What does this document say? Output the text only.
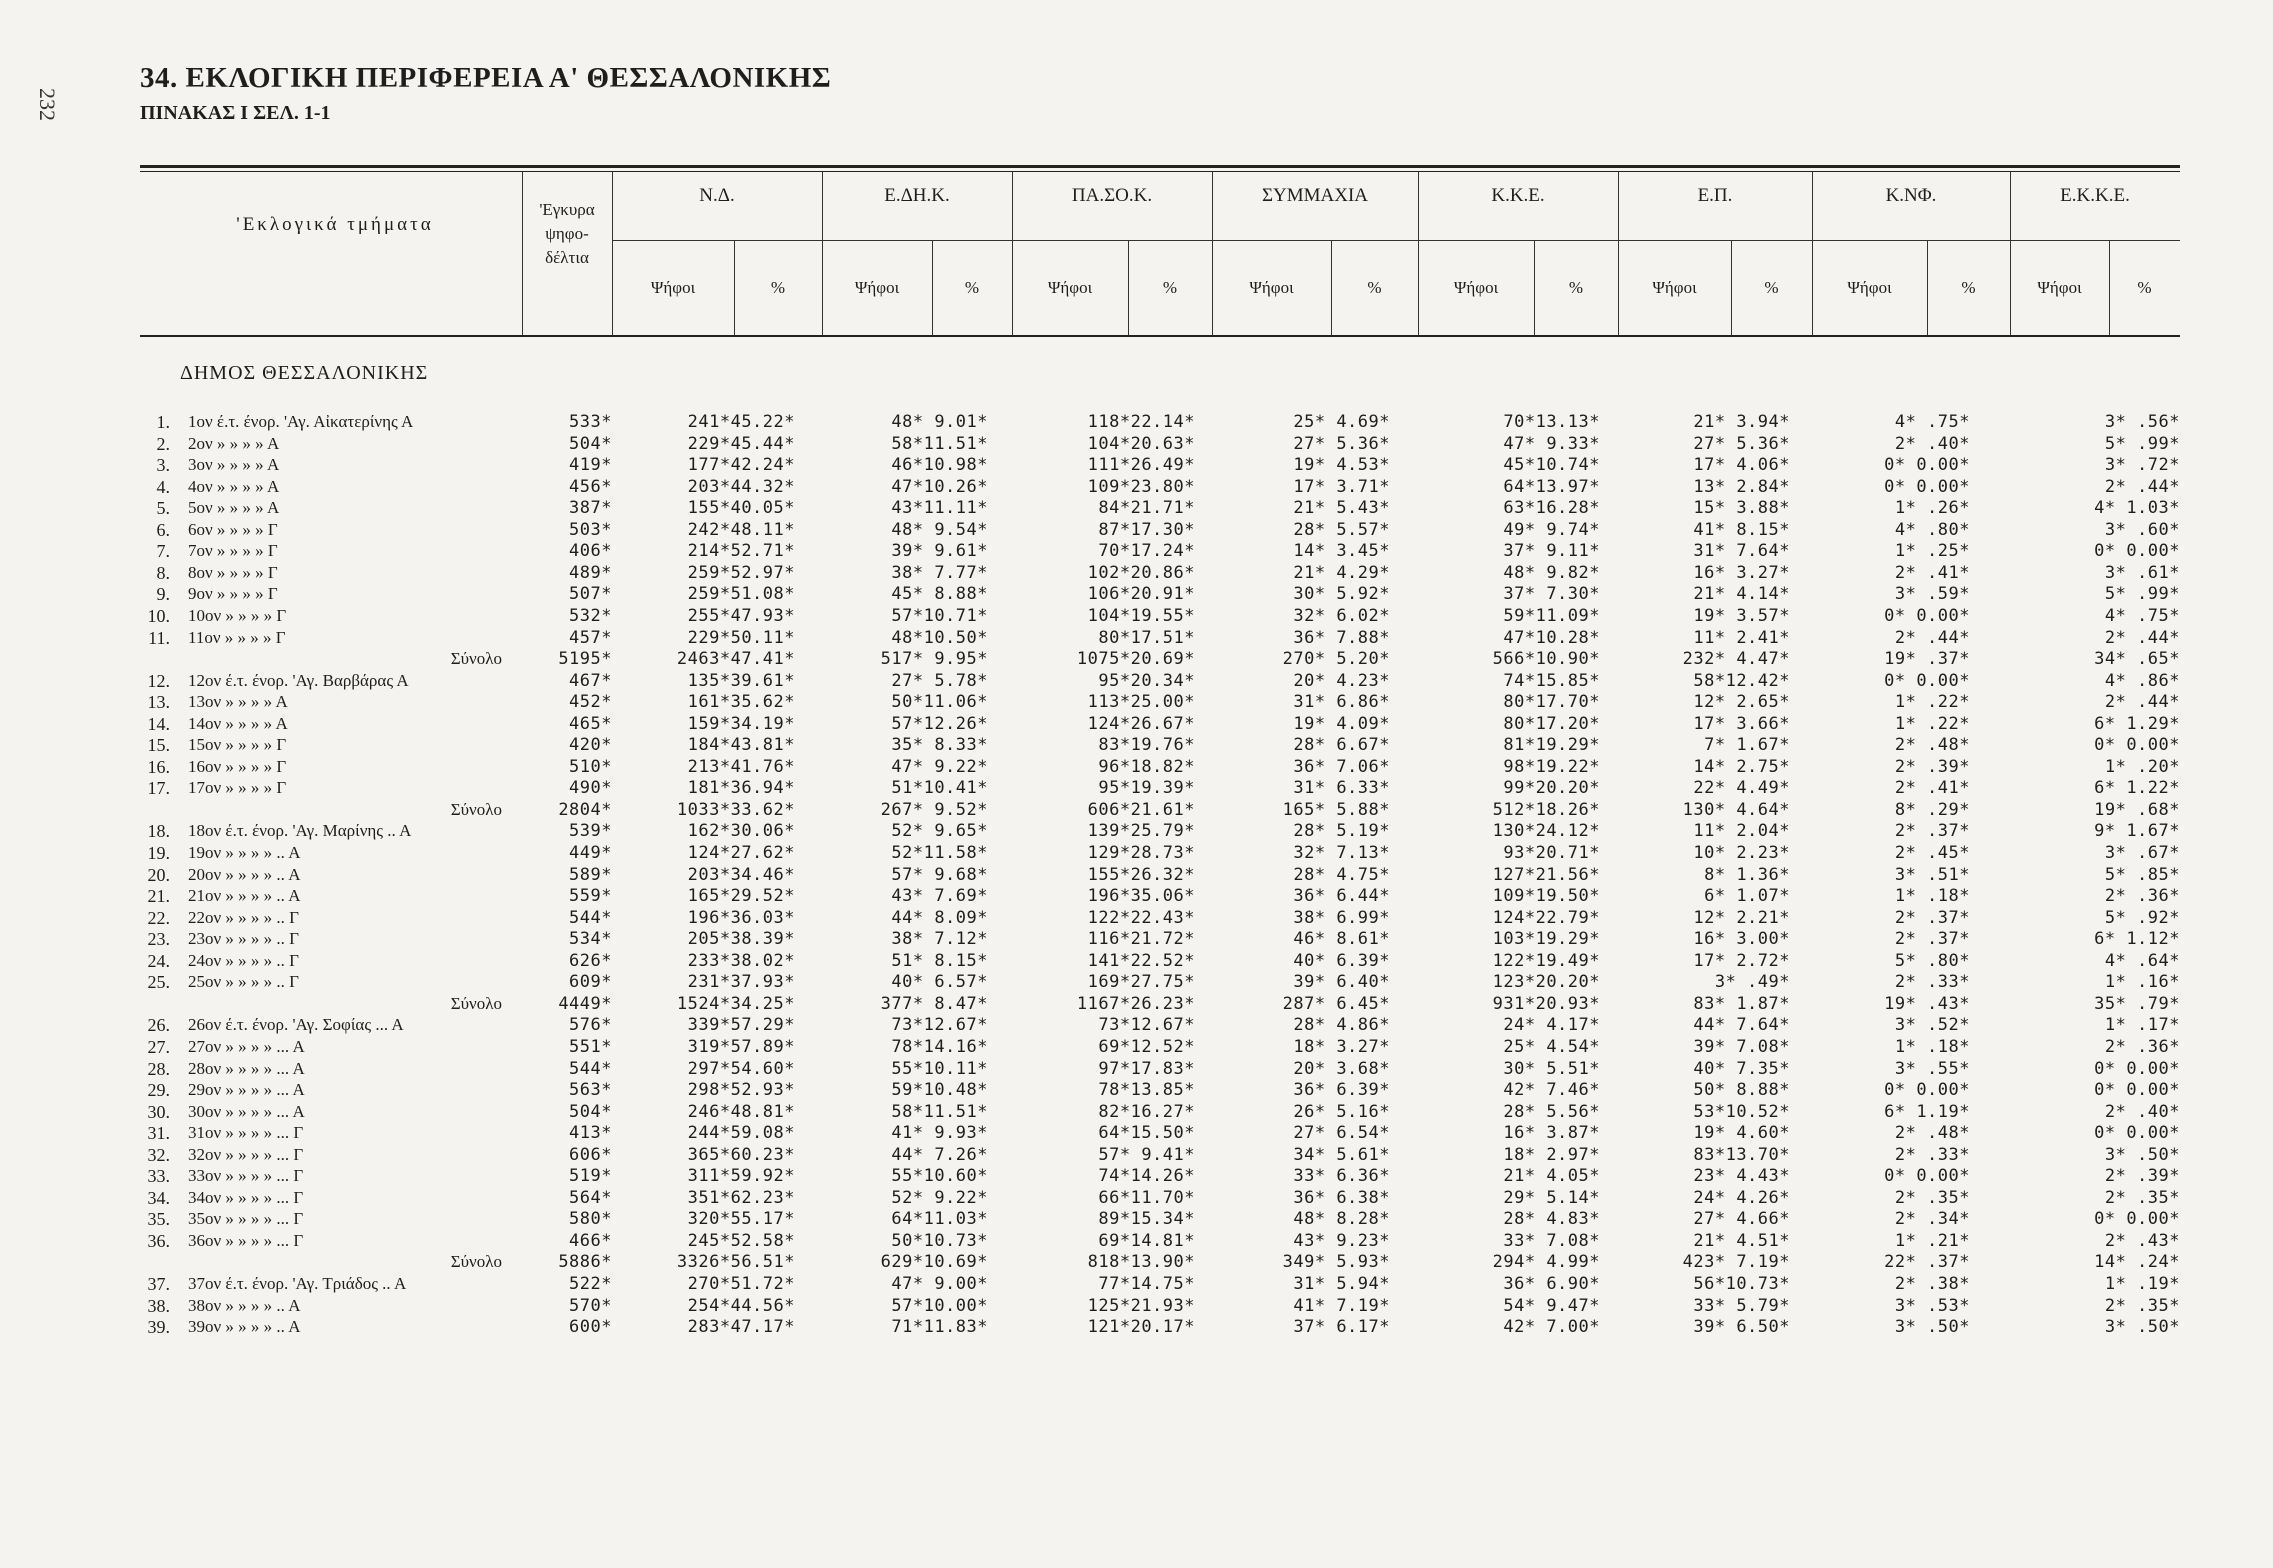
232
34. ΕΚΛΟΓΙΚΗ ΠΕΡΙΦΕΡΕΙΑ Α' ΘΕΣΣΑΛΟΝΙΚΗΣ
ΠΙΝΑΚΑΣ Ι ΣΕΛ. 1-1
'Εκλογικά τμήματα
'Εγκυρα
ψηφο-
δέλτια
Ν.Δ.
Ψήφοι	%
Ε.ΔΗ.Κ.
Ψήφοι	%
ΠΑ.ΣΟ.Κ.
Ψήφοι	%
ΣΥΜΜΑΧΙΑ
Ψήφοι	%
Κ.Κ.Ε.
Ψήφοι	%
Ε.Π.
Ψήφοι	%
Κ.ΝΦ.
Ψήφοι	%
Ε.Κ.Κ.Ε.
Ψήφοι	%
ΔΗΜΟΣ ΘΕΣΣΑΛΟΝΙΚΗΣ
1. 1ον έ.τ. ένορ. 'Αγ. Αἰκατερίνης Α	533*	241*45.22*	48* 9.01*	118*22.14*	25* 4.69*	70*13.13*	21* 3.94*	4* .75*	3* .56*
2. 2ον » » » » Α	504*	229*45.44*	58*11.51*	104*20.63*	27* 5.36*	47* 9.33*	27* 5.36*	2* .40*	5* .99*
3. 3ον » » » » Α	419*	177*42.24*	46*10.98*	111*26.49*	19* 4.53*	45*10.74*	17* 4.06*	0* 0.00*	3* .72*
4. 4ον » » » » Α	456*	203*44.32*	47*10.26*	109*23.80*	17* 3.71*	64*13.97*	13* 2.84*	0* 0.00*	2* .44*
5. 5ον » » » » Α	387*	155*40.05*	43*11.11*	84*21.71*	21* 5.43*	63*16.28*	15* 3.88*	1* .26*	4* 1.03*
6. 6ον » » » » Γ	503*	242*48.11*	48* 9.54*	87*17.30*	28* 5.57*	49* 9.74*	41* 8.15*	4* .80*	3* .60*
7. 7ον » » » » Γ	406*	214*52.71*	39* 9.61*	70*17.24*	14* 3.45*	37* 9.11*	31* 7.64*	1* .25*	0* 0.00*
8. 8ον » » » » Γ	489*	259*52.97*	38* 7.77*	102*20.86*	21* 4.29*	48* 9.82*	16* 3.27*	2* .41*	3* .61*
9. 9ον » » » » Γ	507*	259*51.08*	45* 8.88*	106*20.91*	30* 5.92*	37* 7.30*	21* 4.14*	3* .59*	5* .99*
10. 10ον » » » » Γ	532*	255*47.93*	57*10.71*	104*19.55*	32* 6.02*	59*11.09*	19* 3.57*	0* 0.00*	4* .75*
11. 11ον » » » » Γ	457*	229*50.11*	48*10.50*	80*17.51*	36* 7.88*	47*10.28*	11* 2.41*	2* .44*	2* .44*
Σύνολο	5195*	2463*47.41*	517* 9.95*	1075*20.69*	270* 5.20*	566*10.90*	232* 4.47*	19* .37*	34* .65*
12. 12ον έ.τ. ένορ. 'Αγ. Βαρβάρας Α	467*	135*39.61*	27* 5.78*	95*20.34*	20* 4.23*	74*15.85*	58*12.42*	0* 0.00*	4* .86*
13. 13ον » » » » Α	452*	161*35.62*	50*11.06*	113*25.00*	31* 6.86*	80*17.70*	12* 2.65*	1* .22*	2* .44*
14. 14ον » » » » Α	465*	159*34.19*	57*12.26*	124*26.67*	19* 4.09*	80*17.20*	17* 3.66*	1* .22*	6* 1.29*
15. 15ον » » » » Γ	420*	184*43.81*	35* 8.33*	83*19.76*	28* 6.67*	81*19.29*	7* 1.67*	2* .48*	0* 0.00*
16. 16ον » » » » Γ	510*	213*41.76*	47* 9.22*	96*18.82*	36* 7.06*	98*19.22*	14* 2.75*	2* .39*	1* .20*
17. 17ον » » » » Γ	490*	181*36.94*	51*10.41*	95*19.39*	31* 6.33*	99*20.20*	22* 4.49*	2* .41*	6* 1.22*
Σύνολο	2804*	1033*33.62*	267* 9.52*	606*21.61*	165* 5.88*	512*18.26*	130* 4.64*	8* .29*	19* .68*
18. 18ον έ.τ. ένορ. 'Αγ. Μαρίνης .. Α	539*	162*30.06*	52* 9.65*	139*25.79*	28* 5.19*	130*24.12*	11* 2.04*	2* .37*	9* 1.67*
19. 19ον » » » » .. Α	449*	124*27.62*	52*11.58*	129*28.73*	32* 7.13*	93*20.71*	10* 2.23*	2* .45*	3* .67*
20. 20ον » » » » .. Α	589*	203*34.46*	57* 9.68*	155*26.32*	28* 4.75*	127*21.56*	8* 1.36*	3* .51*	5* .85*
21. 21ον » » » » .. Α	559*	165*29.52*	43* 7.69*	196*35.06*	36* 6.44*	109*19.50*	6* 1.07*	1* .18*	2* .36*
22. 22ον » » » » .. Γ	544*	196*36.03*	44* 8.09*	122*22.43*	38* 6.99*	124*22.79*	12* 2.21*	2* .37*	5* .92*
23. 23ον » » » » .. Γ	534*	205*38.39*	38* 7.12*	116*21.72*	46* 8.61*	103*19.29*	16* 3.00*	2* .37*	6* 1.12*
24. 24ον » » » » .. Γ	626*	233*38.02*	51* 8.15*	141*22.52*	40* 6.39*	122*19.49*	17* 2.72*	5* .80*	4* .64*
25. 25ον » » » » .. Γ	609*	231*37.93*	40* 6.57*	169*27.75*	39* 6.40*	123*20.20*	3* .49*	2* .33*	1* .16*
Σύνολο	4449*	1524*34.25*	377* 8.47*	1167*26.23*	287* 6.45*	931*20.93*	83* 1.87*	19* .43*	35* .79*
26. 26ον έ.τ. ένορ. 'Αγ. Σοφίας ... Α	576*	339*57.29*	73*12.67*	73*12.67*	28* 4.86*	24* 4.17*	44* 7.64*	3* .52*	1* .17*
27. 27ον » » » » ... Α	551*	319*57.89*	78*14.16*	69*12.52*	18* 3.27*	25* 4.54*	39* 7.08*	1* .18*	2* .36*
28. 28ον » » » » ... Α	544*	297*54.60*	55*10.11*	97*17.83*	20* 3.68*	30* 5.51*	40* 7.35*	3* .55*	0* 0.00*
29. 29ον » » » » ... Α	563*	298*52.93*	59*10.48*	78*13.85*	36* 6.39*	42* 7.46*	50* 8.88*	0* 0.00*	0* 0.00*
30. 30ον » » » » ... Α	504*	246*48.81*	58*11.51*	82*16.27*	26* 5.16*	28* 5.56*	53*10.52*	6* 1.19*	2* .40*
31. 31ον » » » » ... Γ	413*	244*59.08*	41* 9.93*	64*15.50*	27* 6.54*	16* 3.87*	19* 4.60*	2* .48*	0* 0.00*
32. 32ον » » » » ... Γ	606*	365*60.23*	44* 7.26*	57* 9.41*	34* 5.61*	18* 2.97*	83*13.70*	2* .33*	3* .50*
33. 33ον » » » » ... Γ	519*	311*59.92*	55*10.60*	74*14.26*	33* 6.36*	21* 4.05*	23* 4.43*	0* 0.00*	2* .39*
34. 34ον » » » » ... Γ	564*	351*62.23*	52* 9.22*	66*11.70*	36* 6.38*	29* 5.14*	24* 4.26*	2* .35*	2* .35*
35. 35ον » » » » ... Γ	580*	320*55.17*	64*11.03*	89*15.34*	48* 8.28*	28* 4.83*	27* 4.66*	2* .34*	0* 0.00*
36. 36ον » » » » ... Γ	466*	245*52.58*	50*10.73*	69*14.81*	43* 9.23*	33* 7.08*	21* 4.51*	1* .21*	2* .43*
Σύνολο	5886*	3326*56.51*	629*10.69*	818*13.90*	349* 5.93*	294* 4.99*	423* 7.19*	22* .37*	14* .24*
37. 37ον έ.τ. ένορ. 'Αγ. Τριάδος .. Α	522*	270*51.72*	47* 9.00*	77*14.75*	31* 5.94*	36* 6.90*	56*10.73*	2* .38*	1* .19*
38. 38ον » » » » .. Α	570*	254*44.56*	57*10.00*	125*21.93*	41* 7.19*	54* 9.47*	33* 5.79*	3* .53*	2* .35*
39. 39ον » » » » .. Α	600*	283*47.17*	71*11.83*	121*20.17*	37* 6.17*	42* 7.00*	39* 6.50*	3* .50*	3* .50*
